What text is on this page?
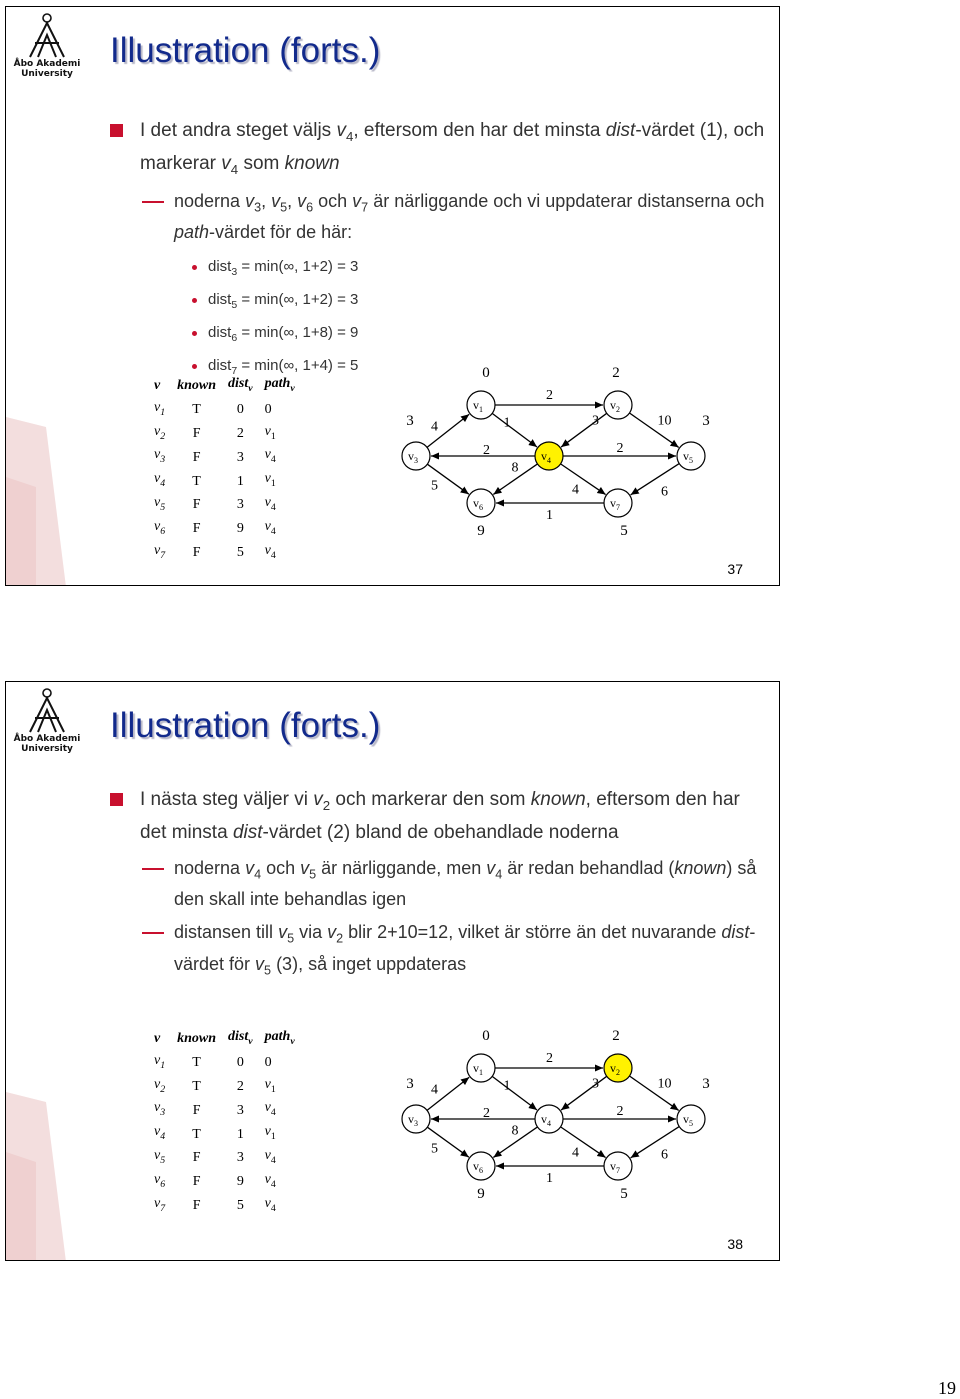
Åbo Akademi
University
Illustration (forts.)
I det andra steget väljs $v_4$, eftersom den har det minsta dist-värdet (1), och markerar $v_4$ som known
noderna $v_3$, $v_5$, $v_6$ och $v_7$ är närliggande och vi uppdaterar distanserna och path-värdet för de här:
dist$_3$ = min(∞, 1+2) = 3
dist$_5$ = min(∞, 1+2) = 3
dist$_6$ = min(∞, 1+8) = 9
dist$_7$ = min(∞, 1+4) = 5
v	known	dist$_v$	path$_v$
$v_1$	T	0	0
$v_2$	F	2	$v_1$
$v_3$	F	3	$v_4$
$v_4$	T	1	$v_1$
$v_5$	F	3	$v_4$
$v_6$	F	9	$v_4$
$v_7$	F	5	$v_4$
2
1
4	3	10
5
2	2
8
4	6
1
$v_1$
0
$v_2$
2
$v_3$
3
$v_4$	$v_5$
3
$v_6$
9
$v_7$
5
37
Åbo Akademi
University
Illustration (forts.)
I nästa steg väljer vi $v_2$ och markerar den som known, eftersom den har det minsta dist-värdet (2) bland de obehandlade noderna
noderna $v_4$ och $v_5$ är närliggande, men $v_4$ är redan behandlad (known) så den skall inte behandlas igen
distansen till $v_5$ via $v_2$ blir 2+10=12, vilket är större än det nuvarande dist-värdet för $v_5$ (3), så inget uppdateras
v	known	dist$_v$	path$_v$
$v_1$	T	0	0
$v_2$	T	2	$v_1$
$v_3$	F	3	$v_4$
$v_4$	T	1	$v_1$
$v_5$	F	3	$v_4$
$v_6$	F	9	$v_4$
$v_7$	F	5	$v_4$
2
1
4	3	10
5
2	2
8
4	6
1
$v_1$
0
$v_2$
2
$v_3$
3
$v_4$	$v_5$
3
$v_6$
9
$v_7$
5
38
19
